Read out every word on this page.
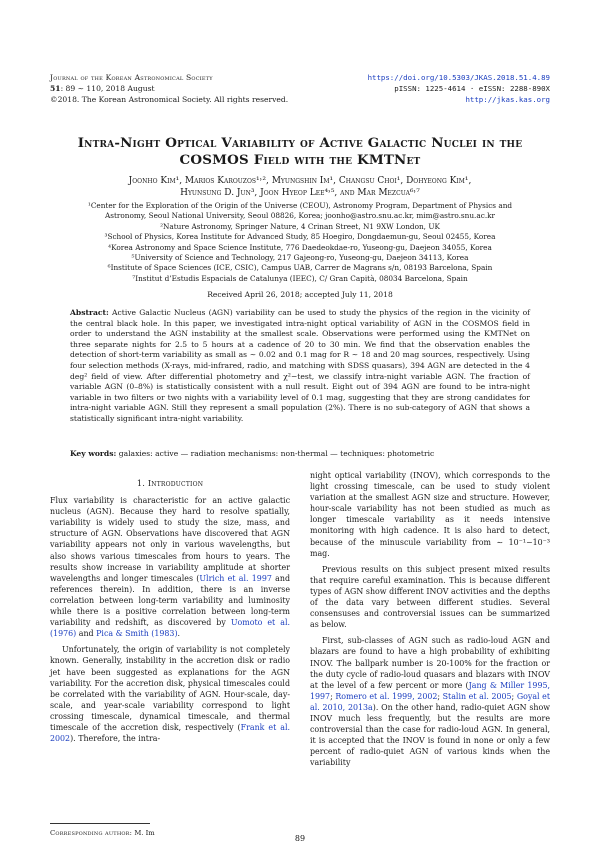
Journal of the Korean Astronomical Society
51: 89 ∼ 110, 2018 August
©2018. The Korean Astronomical Society. All rights reserved.
https://doi.org/10.5303/JKAS.2018.51.4.89
pISSN: 1225-4614 · eISSN: 2288-890X
http://jkas.kas.org
Intra-Night Optical Variability of Active Galactic Nuclei in the
COSMOS Field with the KMTNet
Joonho Kim¹, Marios Karouzos¹˒², Myungshin Im¹, Changsu Choi¹, Dohyeong Kim¹,
Hyunsung D. Jun³, Joon Hyeop Lee⁴˒⁵, and Mar Mezcua⁶˒⁷
¹Center for the Exploration of the Origin of the Universe (CEOU), Astronomy Program, Department of Physics and
Astronomy, Seoul National University, Seoul 08826, Korea; joonho@astro.snu.ac.kr, mim@astro.snu.ac.kr
²Nature Astronomy, Springer Nature, 4 Crinan Street, N1 9XW London, UK
³School of Physics, Korea Institute for Advanced Study, 85 Hoegiro, Dongdaemun-gu, Seoul 02455, Korea
⁴Korea Astronomy and Space Science Institute, 776 Daedeokdae-ro, Yuseong-gu, Daejeon 34055, Korea
⁵University of Science and Technology, 217 Gajeong-ro, Yuseong-gu, Daejeon 34113, Korea
⁶Institute of Space Sciences (ICE, CSIC), Campus UAB, Carrer de Magrans s/n, 08193 Barcelona, Spain
⁷Institut d’Estudis Espacials de Catalunya (IEEC), C/ Gran Capità, 08034 Barcelona, Spain
Received April 26, 2018; accepted July 11, 2018
Abstract: Active Galactic Nucleus (AGN) variability can be used to study the physics of the region in the vicinity of the central black hole. In this paper, we investigated intra-night optical variability of AGN in the COSMOS field in order to understand the AGN instability at the smallest scale. Observations were performed using the KMTNet on three separate nights for 2.5 to 5 hours at a cadence of 20 to 30 min. We find that the observation enables the detection of short-term variability as small as ∼ 0.02 and 0.1 mag for R ∼ 18 and 20 mag sources, respectively. Using four selection methods (X-rays, mid-infrared, radio, and matching with SDSS quasars), 394 AGN are detected in the 4 deg² field of view. After differential photometry and χ²−test, we classify intra-night variable AGN. The fraction of variable AGN (0–8%) is statistically consistent with a null result. Eight out of 394 AGN are found to be intra-night variable in two filters or two nights with a variability level of 0.1 mag, suggesting that they are strong candidates for intra-night variable AGN. Still they represent a small population (2%). There is no sub-category of AGN that shows a statistically significant intra-night variability.
Key words: galaxies: active — radiation mechanisms: non-thermal — techniques: photometric
1. Introduction

Flux variability is characteristic for an active galactic nucleus (AGN). Because they hard to resolve spatially, variability is widely used to study the size, mass, and structure of AGN. Observations have discovered that AGN variability appears not only in various wavelengths, but also shows various timescales from hours to years. The results show increase in variability amplitude at shorter wavelengths and longer timescales (Ulrich et al. 1997 and references therein). In addition, there is an inverse correlation between long-term variability and luminosity while there is a positive correlation between long-term variability and redshift, as discovered by Uomoto et al. (1976) and Pica & Smith (1983).

Unfortunately, the origin of variability is not completely known. Generally, instability in the accretion disk or radio jet have been suggested as explanations for the AGN variability. For the accretion disk, physical timescales could be correlated with the variability of AGN. Hour-scale, day-scale, and year-scale variability correspond to light crossing timescale, dynamical timescale, and thermal timescale of the accretion disk, respectively (Frank et al. 2002). Therefore, the intra-

night optical variability (INOV), which corresponds to the light crossing timescale, can be used to study violent variation at the smallest AGN size and structure. However, hour-scale variability has not been studied as much as longer timescale variability as it needs intensive monitoring with high cadence. It is also hard to detect, because of the minuscule variability from ∼ 10⁻¹−10⁻³ mag.

Previous results on this subject present mixed results that require careful examination. This is because different types of AGN show different INOV activities and the depths of the data vary between different studies. Several consensuses and controversial issues can be summarized as below.

First, sub-classes of AGN such as radio-loud AGN and blazars are found to have a high probability of exhibiting INOV. The ballpark number is 20-100% for the fraction or the duty cycle of radio-loud quasars and blazars with INOV at the level of a few percent or more (Jang & Miller 1995, 1997; Romero et al. 1999, 2002; Stalin et al. 2005; Goyal et al. 2010, 2013a). On the other hand, radio-quiet AGN show INOV much less frequently, but the results are more controversial than the case for radio-loud AGN. In general, it is accepted that the INOV is found in none or only a few percent of radio-quiet AGN of various kinds when the variability

Corresponding author: M. Im
89
